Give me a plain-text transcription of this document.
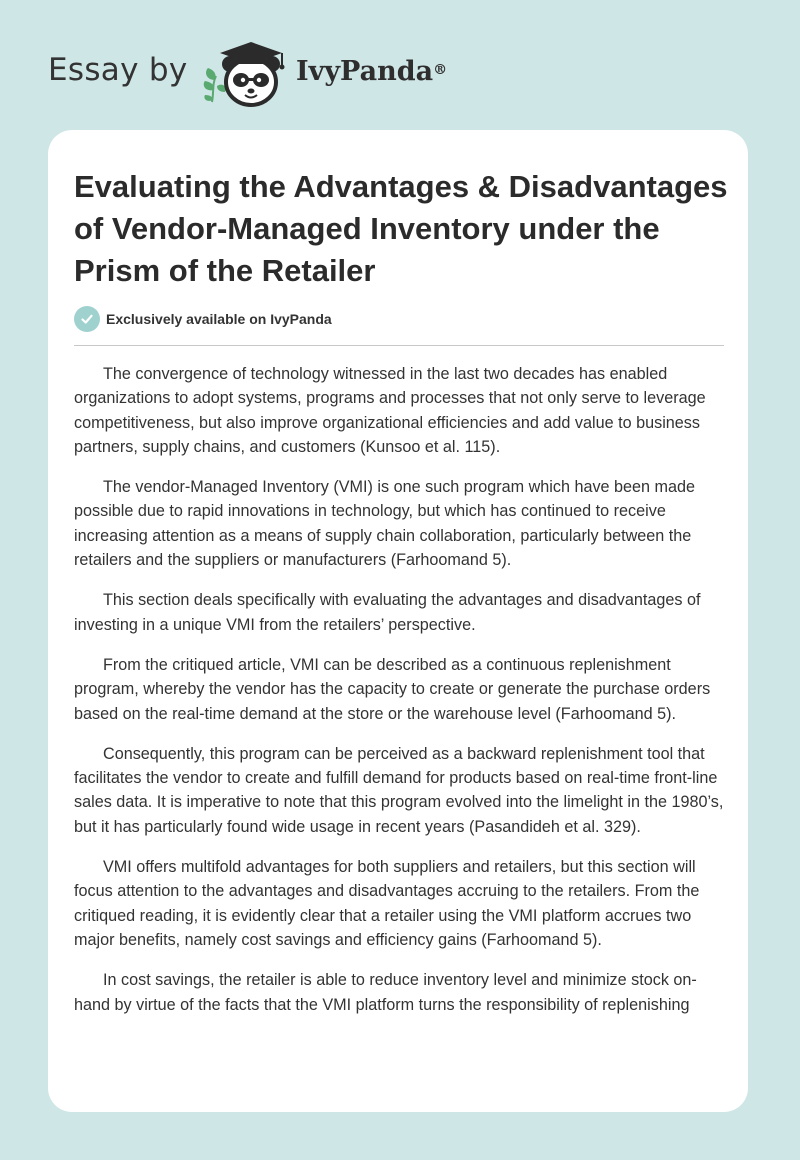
Essay by	IvyPanda®
Evaluating the Advantages & Disadvantages of Vendor-Managed Inventory under the Prism of the Retailer
Exclusively available on IvyPanda

The convergence of technology witnessed in the last two decades has enabled organizations to adopt systems, programs and processes that not only serve to leverage competitiveness, but also improve organizational efficiencies and add value to business partners, supply chains, and customers (Kunsoo et al. 115).

The vendor-Managed Inventory (VMI) is one such program which have been made possible due to rapid innovations in technology, but which has continued to receive increasing attention as a means of supply chain collaboration, particularly between the retailers and the suppliers or manufacturers (Farhoomand 5).

This section deals specifically with evaluating the advantages and disadvantages of investing in a unique VMI from the retailers’ perspective.

From the critiqued article, VMI can be described as a continuous replenishment program, whereby the vendor has the capacity to create or generate the purchase orders based on the real-time demand at the store or the warehouse level (Farhoomand 5).

Consequently, this program can be perceived as a backward replenishment tool that facilitates the vendor to create and fulfill demand for products based on real-time front-line sales data. It is imperative to note that this program evolved into the limelight in the 1980’s, but it has particularly found wide usage in recent years (Pasandideh et al. 329).

VMI offers multifold advantages for both suppliers and retailers, but this section will focus attention to the advantages and disadvantages accruing to the retailers. From the critiqued reading, it is evidently clear that a retailer using the VMI platform accrues two major benefits, namely cost savings and efficiency gains (Farhoomand 5).

In cost savings, the retailer is able to reduce inventory level and minimize stock on-hand by virtue of the facts that the VMI platform turns the responsibility of replenishing
